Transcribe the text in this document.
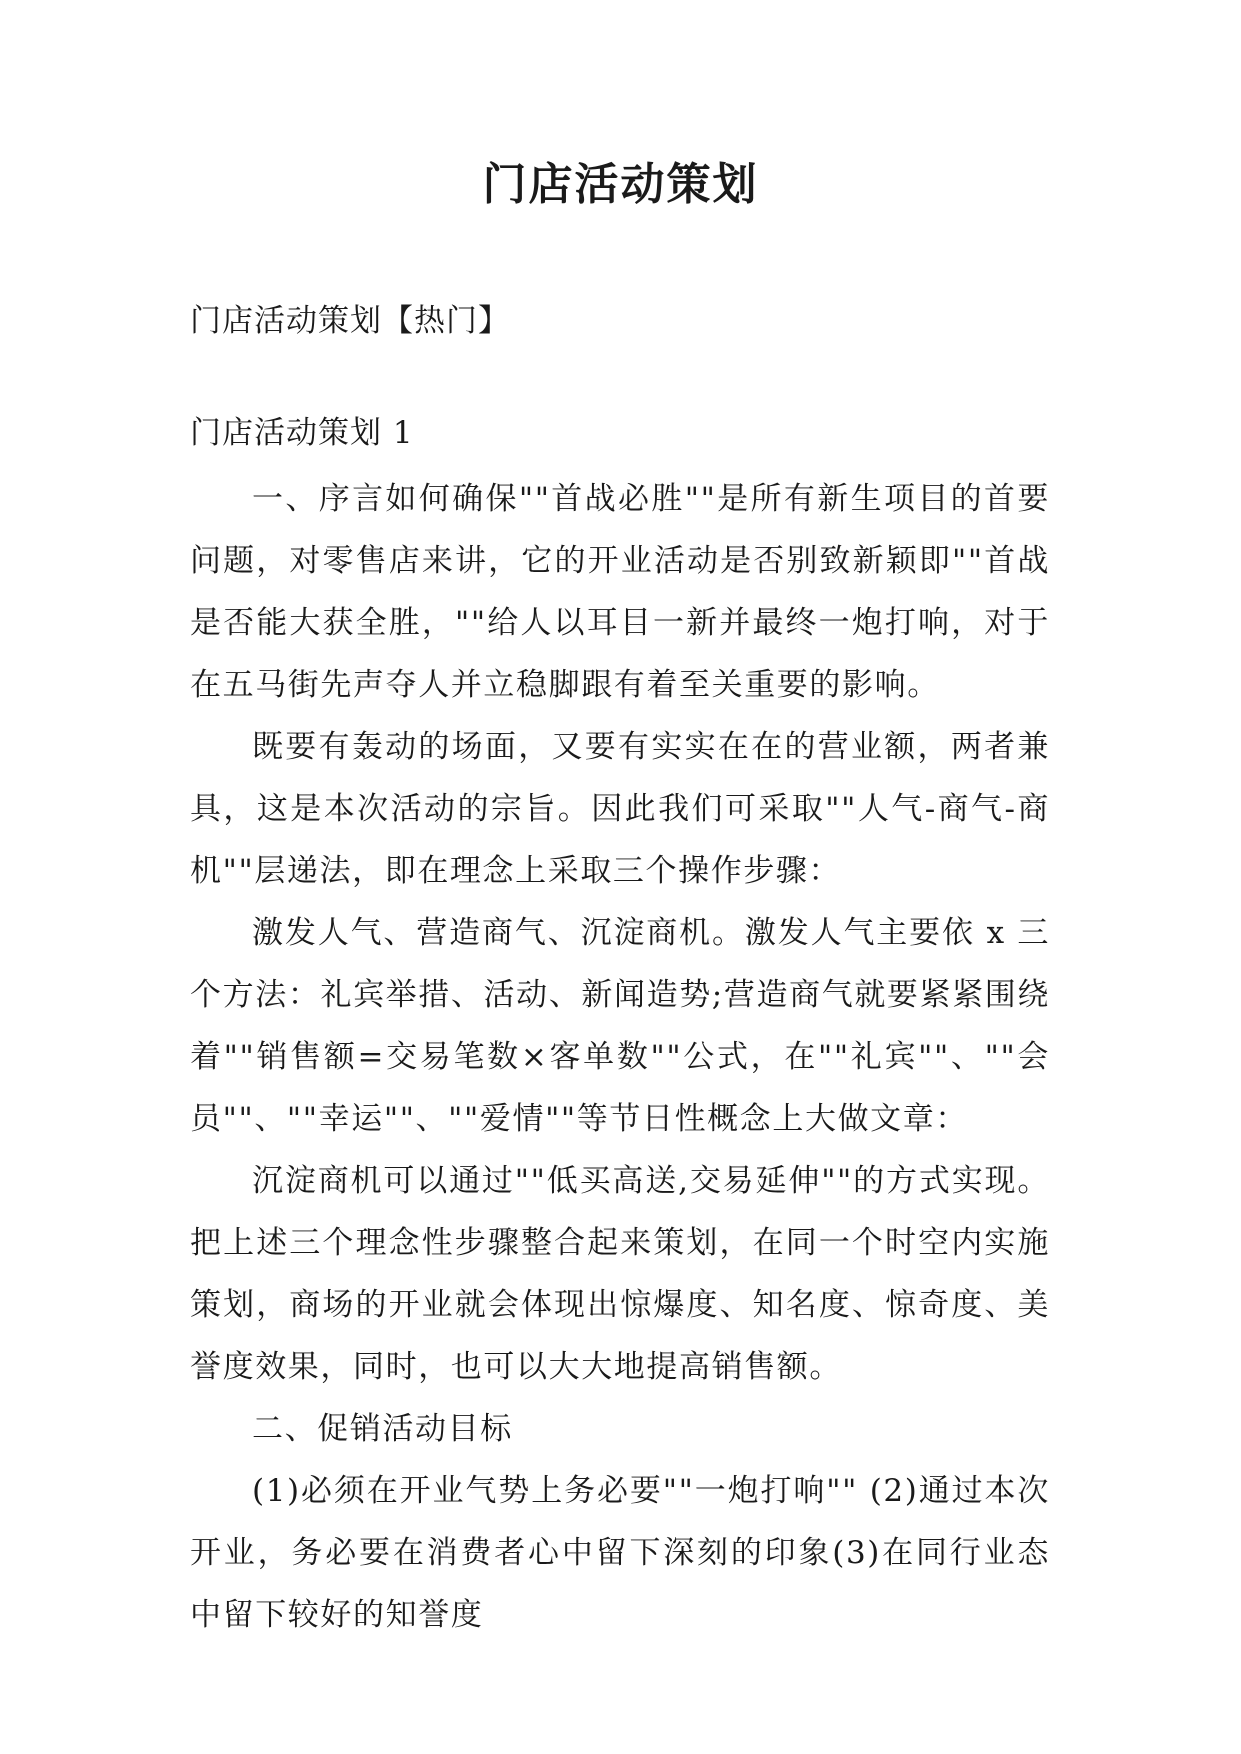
门店活动策划

门店活动策划【热门】

门店活动策划 1

一、序言如何确保""首战必胜""是所有新生项目的首要问题，对零售店来讲，它的开业活动是否别致新颖即""首战是否能大获全胜，""给人以耳目一新并最终一炮打响，对于在五马街先声夺人并立稳脚跟有着至关重要的影响。

既要有轰动的场面，又要有实实在在的营业额，两者兼具，这是本次活动的宗旨。因此我们可采取""人气-商气-商机""层递法，即在理念上采取三个操作步骤：

激发人气、营造商气、沉淀商机。激发人气主要依 x 三个方法：礼宾举措、活动、新闻造势;营造商气就要紧紧围绕着""销售额=交易笔数×客单数""公式，在""礼宾""、""会员""、""幸运""、""爱情""等节日性概念上大做文章：

沉淀商机可以通过""低买高送,交易延伸""的方式实现。把上述三个理念性步骤整合起来策划，在同一个时空内实施策划，商场的开业就会体现出惊爆度、知名度、惊奇度、美誉度效果，同时，也可以大大地提高销售额。

二、促销活动目标

(1)必须在开业气势上务必要""一炮打响"" (2)通过本次开业，务必要在消费者心中留下深刻的印象(3)在同行业态中留下较好的知誉度
